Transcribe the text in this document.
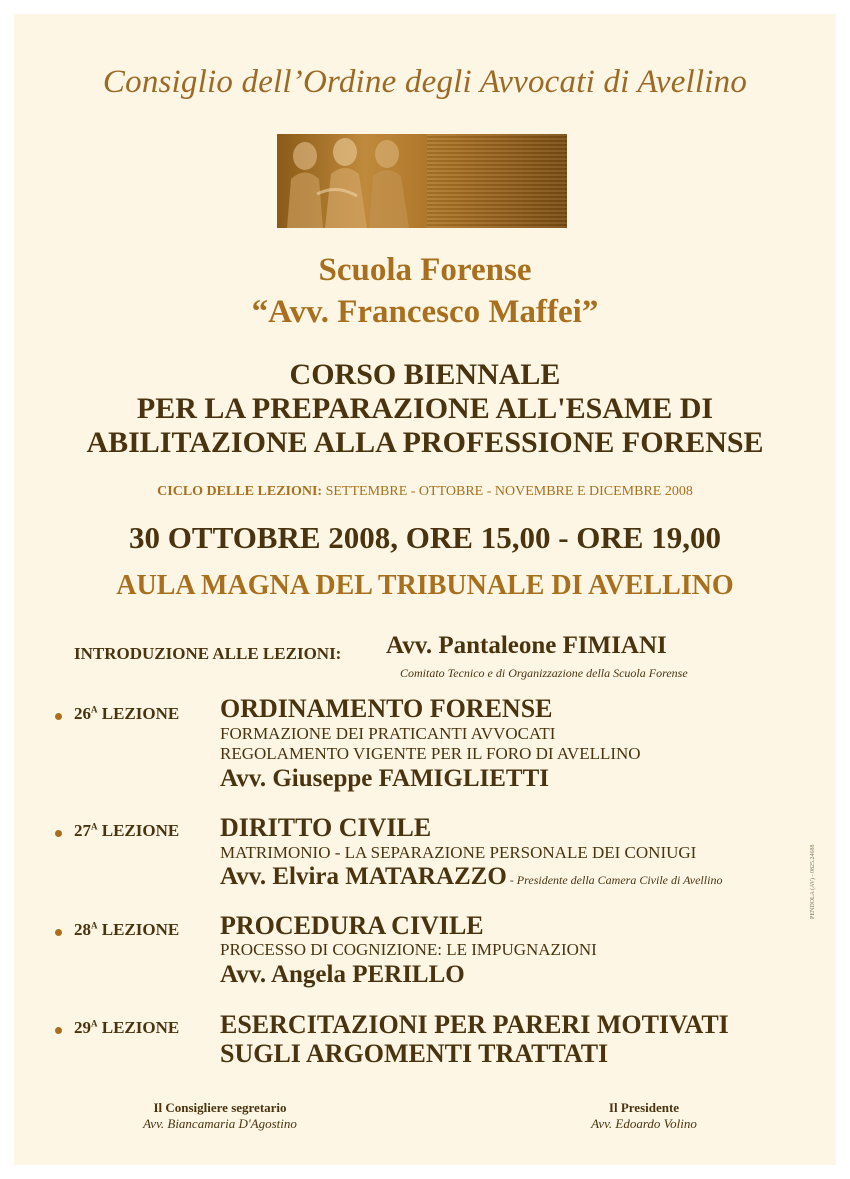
Consiglio dell’Ordine degli Avvocati di Avellino
Scuola Forense
“Avv. Francesco Maffei”
CORSO BIENNALE
PER LA PREPARAZIONE ALL'ESAME DI
ABILITAZIONE ALLA PROFESSIONE FORENSE
CICLO DELLE LEZIONI: SETTEMBRE - OTTOBRE - NOVEMBRE E DICEMBRE 2008
30 OTTOBRE 2008, ORE 15,00 - ORE 19,00
AULA MAGNA DEL TRIBUNALE DI AVELLINO
INTRODUZIONE ALLE LEZIONI: Avv. Pantaleone FIMIANI
Comitato Tecnico e di Organizzazione della Scuola Forense
$26^A$ LEZIONE ORDINAMENTO FORENSE
FORMAZIONE DEI PRATICANTI AVVOCATI
REGOLAMENTO VIGENTE PER IL FORO DI AVELLINO
Avv. Giuseppe FAMIGLIETTI
$27^A$ LEZIONE DIRITTO CIVILE
MATRIMONIO - LA SEPARAZIONE PERSONALE DEI CONIUGI
Avv. Elvira MATARAZZO - Presidente della Camera Civile di Avellino
$28^A$ LEZIONE PROCEDURA CIVILE
PROCESSO DI COGNIZIONE: LE IMPUGNAZIONI
Avv. Angela PERILLO
$29^A$ LEZIONE ESERCITAZIONI PER PARERI MOTIVATI
SUGLI ARGOMENTI TRATTATI
Il Consigliere segretario
Avv. Biancamaria D'Agostino
Il Presidente
Avv. Edoardo Volino
PENDOLA (AV) - 0825.24688
